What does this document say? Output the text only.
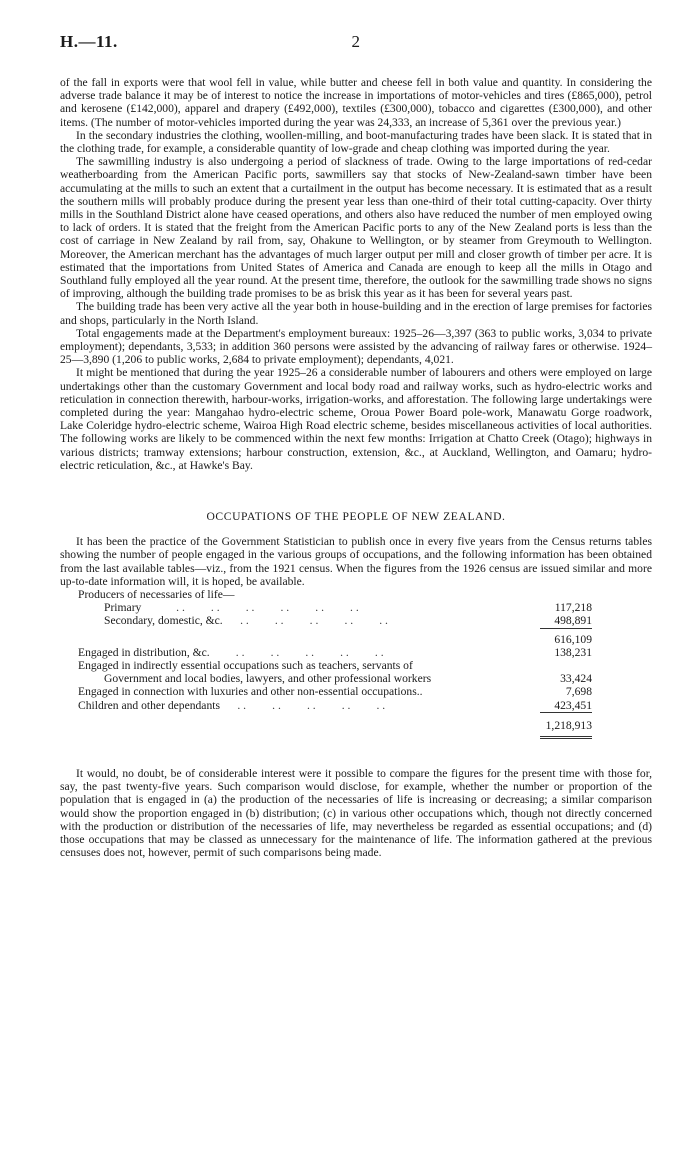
H.—11.	2

of the fall in exports were that wool fell in value, while butter and cheese fell in both value and quantity. In considering the adverse trade balance it may be of interest to notice the increase in importations of motor-vehicles and tires (£865,000), petrol and kerosene (£142,000), apparel and drapery (£492,000), textiles (£300,000), tobacco and cigarettes (£300,000), and other items. (The number of motor-vehicles imported during the year was 24,333, an increase of 5,361 over the previous year.)

In the secondary industries the clothing, woollen-milling, and boot-manufacturing trades have been slack. It is stated that in the clothing trade, for example, a considerable quantity of low-grade and cheap clothing was imported during the year.

The sawmilling industry is also undergoing a period of slackness of trade. Owing to the large importations of red-cedar weatherboarding from the American Pacific ports, sawmillers say that stocks of New-Zealand-sawn timber have been accumulating at the mills to such an extent that a curtailment in the output has become necessary. It is estimated that as a result the southern mills will probably produce during the present year less than one-third of their total cutting-capacity. Over thirty mills in the Southland District alone have ceased operations, and others also have reduced the number of men employed owing to lack of orders. It is stated that the freight from the American Pacific ports to any of the New Zealand ports is less than the cost of carriage in New Zealand by rail from, say, Ohakune to Wellington, or by steamer from Greymouth to Wellington. Moreover, the American merchant has the advantages of much larger output per mill and closer growth of timber per acre. It is estimated that the importations from United States of America and Canada are enough to keep all the mills in Otago and Southland fully employed all the year round. At the present time, therefore, the outlook for the sawmilling trade shows no signs of improving, although the building trade promises to be as brisk this year as it has been for several years past.

The building trade has been very active all the year both in house-building and in the erection of large premises for factories and shops, particularly in the North Island.

Total engagements made at the Department's employment bureaux: 1925–26—3,397 (363 to public works, 3,034 to private employment); dependants, 3,533; in addition 360 persons were assisted by the advancing of railway fares or otherwise. 1924–25—3,890 (1,206 to public works, 2,684 to private employment); dependants, 4,021.

It might be mentioned that during the year 1925–26 a considerable number of labourers and others were employed on large undertakings other than the customary Government and local body road and railway works, such as hydro-electric works and reticulation in connection therewith, harbour-works, irrigation-works, and afforestation. The following large undertakings were completed during the year: Mangahao hydro-electric scheme, Oroua Power Board pole-work, Manawatu Gorge roadwork, Lake Coleridge hydro-electric scheme, Wairoa High Road electric scheme, besides miscellaneous activities of local authorities. The following works are likely to be commenced within the next few months: Irrigation at Chatto Creek (Otago); highways in various districts; tramway extensions; harbour construction, extension, &c., at Auckland, Wellington, and Oamaru; hydro-electric reticulation, &c., at Hawke's Bay.

OCCUPATIONS OF THE PEOPLE OF NEW ZEALAND.

It has been the practice of the Government Statistician to publish once in every five years from the Census returns tables showing the number of people engaged in the various groups of occupations, and the following information has been obtained from the last available tables—viz., from the 1921 census. When the figures from the 1926 census are issued similar and more up-to-date information will, it is hoped, be available.

Producers of necessaries of life—	
Primary            . .         . .         . .         . .         . .         . .	117,218
Secondary, domestic, &c.      . .         . .         . .         . .         . .	498,891
	616,109
Engaged in distribution, &c.         . .         . .         . .         . .         . .	138,231
Engaged in indirectly essential occupations such as teachers, servants of	
Government and local bodies, lawyers, and other professional workers	33,424
Engaged in connection with luxuries and other non-essential occupations..	7,698
Children and other dependants      . .         . .         . .         . .         . .	423,451
	1,218,913

It would, no doubt, be of considerable interest were it possible to compare the figures for the present time with those for, say, the past twenty-five years. Such comparison would disclose, for example, whether the number or proportion of the population that is engaged in (a) the production of the necessaries of life is increasing or decreasing; a similar comparison would show the proportion engaged in (b) distribution; (c) in various other occupations which, though not directly concerned with the production or distribution of the necessaries of life, may nevertheless be regarded as essential occupations; and (d) those occupations that may be classed as unnecessary for the maintenance of life. The information gathered at the previous censuses does not, however, permit of such comparisons being made.
